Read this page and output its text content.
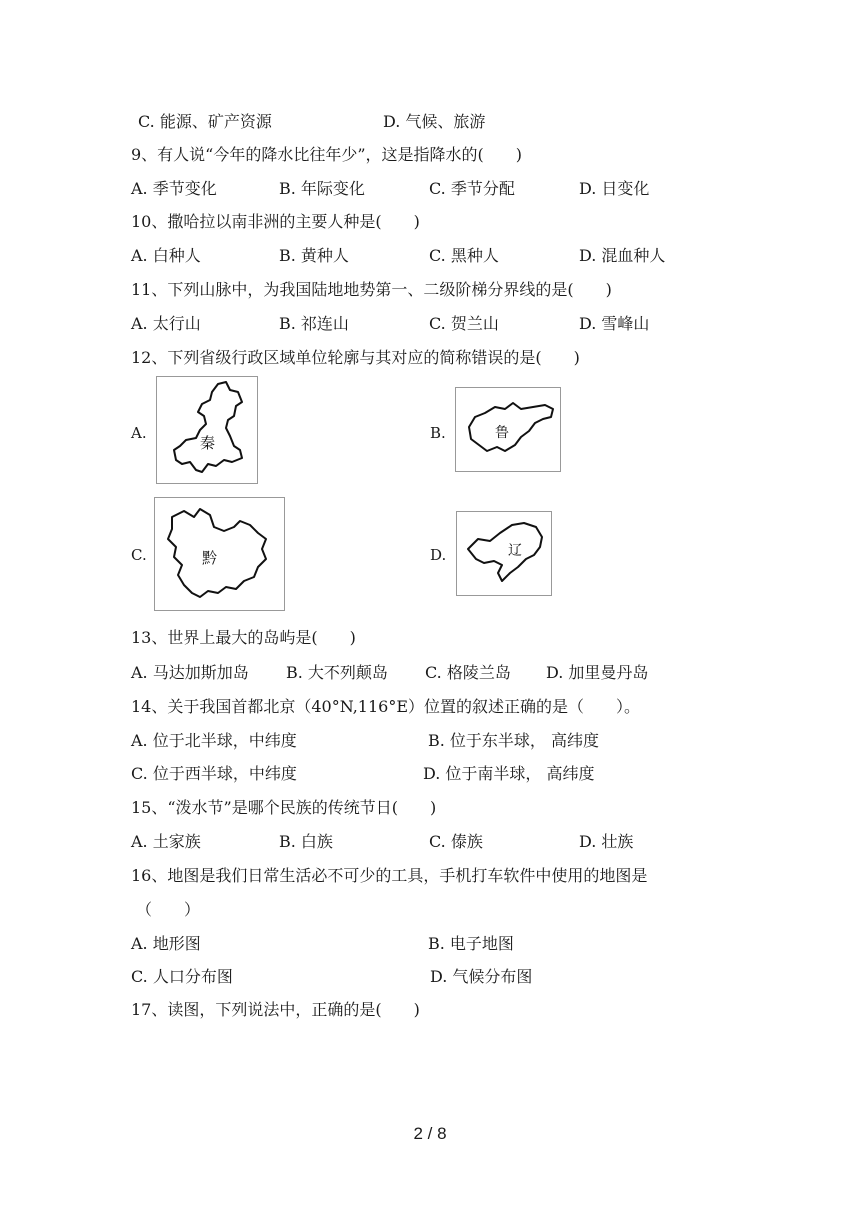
C. 能源、矿产资源	D. 气候、旅游
9、有人说“今年的降水比往年少”，这是指降水的(　　)
A. 季节变化	B. 年际变化	C. 季节分配	D. 日变化
10、撒哈拉以南非洲的主要人种是(　　)
A. 白种人	B. 黄种人	C. 黑种人	D. 混血种人
11、下列山脉中，为我国陆地地势第一、二级阶梯分界线的是(　　)
A. 太行山	B. 祁连山	C. 贺兰山	D. 雪峰山
12、下列省级行政区域单位轮廓与其对应的简称错误的是(　　)
A.
秦
B.	鲁
C.	黔	D.	辽
13、世界上最大的岛屿是(　　)
A. 马达加斯加岛 B. 大不列颠岛 C. 格陵兰岛 D. 加里曼丹岛
14、关于我国首都北京（40°N,116°E）位置的叙述正确的是（　　）。
A. 位于北半球，中纬度	B. 位于东半球， 高纬度
C. 位于西半球，中纬度	D. 位于南半球， 高纬度
15、“泼水节”是哪个民族的传统节日(　　)
A. 土家族	B. 白族	C. 傣族	D. 壮族
16、地图是我们日常生活必不可少的工具，手机打车软件中使用的地图是
（　　）
A. 地形图	B. 电子地图
C. 人口分布图	D. 气候分布图
17、读图，下列说法中，正确的是(　　)
2 / 8
